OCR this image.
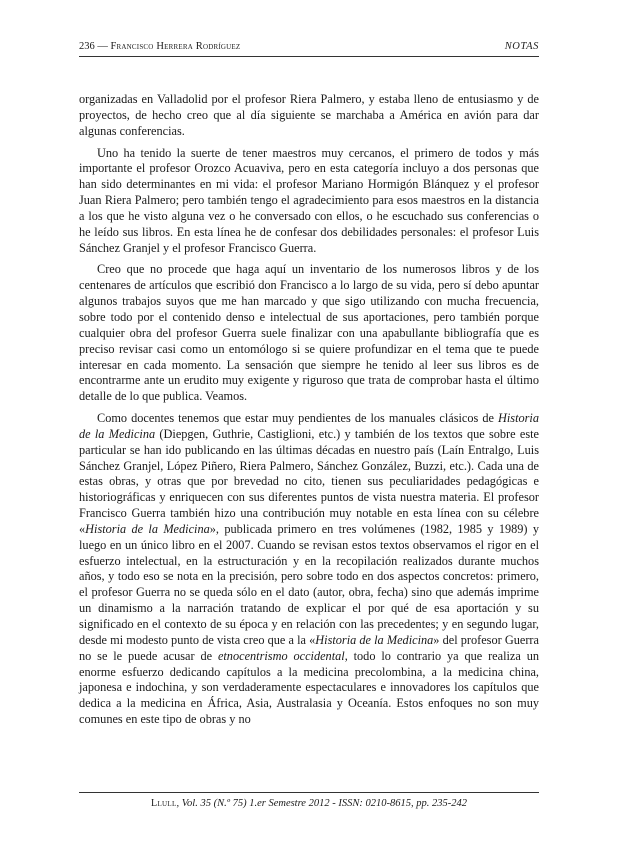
236 — Francisco Herrera Rodríguez	NOTAS

organizadas en Valladolid por el profesor Riera Palmero, y estaba lleno de entusiasmo y de proyectos, de hecho creo que al día siguiente se marchaba a América en avión para dar algunas conferencias.

Uno ha tenido la suerte de tener maestros muy cercanos, el primero de todos y más importante el profesor Orozco Acuaviva, pero en esta categoría incluyo a dos personas que han sido determinantes en mi vida: el profesor Mariano Hormigón Blánquez y el profesor Juan Riera Palmero; pero también tengo el agradecimiento para esos maestros en la distancia a los que he visto alguna vez o he conversado con ellos, o he escuchado sus conferencias o he leído sus libros. En esta línea he de confesar dos debilidades personales: el profesor Luis Sánchez Granjel y el profesor Francisco Guerra.

Creo que no procede que haga aquí un inventario de los numerosos libros y de los centenares de artículos que escribió don Francisco a lo largo de su vida, pero sí debo apuntar algunos trabajos suyos que me han marcado y que sigo utilizando con mucha frecuencia, sobre todo por el contenido denso e intelectual de sus aportaciones, pero también porque cualquier obra del profesor Guerra suele finalizar con una apabullante bibliografía que es preciso revisar casi como un entomólogo si se quiere profundizar en el tema que te puede interesar en cada momento. La sensación que siempre he tenido al leer sus libros es de encontrarme ante un erudito muy exigente y riguroso que trata de comprobar hasta el último detalle de lo que publica. Veamos.

Como docentes tenemos que estar muy pendientes de los manuales clásicos de Historia de la Medicina (Diepgen, Guthrie, Castiglioni, etc.) y también de los textos que sobre este particular se han ido publicando en las últimas décadas en nuestro país (Laín Entralgo, Luis Sánchez Granjel, López Piñero, Riera Palmero, Sánchez González, Buzzi, etc.). Cada una de estas obras, y otras que por brevedad no cito, tienen sus peculiaridades pedagógicas e historiográficas y enriquecen con sus diferentes puntos de vista nuestra materia. El profesor Francisco Guerra también hizo una contribución muy notable en esta línea con su célebre «Historia de la Medicina», publicada primero en tres volúmenes (1982, 1985 y 1989) y luego en un único libro en el 2007. Cuando se revisan estos textos observamos el rigor en el esfuerzo intelectual, en la estructuración y en la recopilación realizados durante muchos años, y todo eso se nota en la precisión, pero sobre todo en dos aspectos concretos: primero, el profesor Guerra no se queda sólo en el dato (autor, obra, fecha) sino que además imprime un dinamismo a la narración tratando de explicar el por qué de esa aportación y su significado en el contexto de su época y en relación con las precedentes; y en segundo lugar, desde mi modesto punto de vista creo que a la «Historia de la Medicina» del profesor Guerra no se le puede acusar de etnocentrismo occidental, todo lo contrario ya que realiza un enorme esfuerzo dedicando capítulos a la medicina precolombina, a la medicina china, japonesa e indochina, y son verdaderamente espectaculares e innovadores los capítulos que dedica a la medicina en África, Asia, Australasia y Oceanía. Estos enfoques no son muy comunes en este tipo de obras y no

Llull, Vol. 35 (N.º 75) 1.er Semestre 2012 - ISSN: 0210-8615, pp. 235-242
